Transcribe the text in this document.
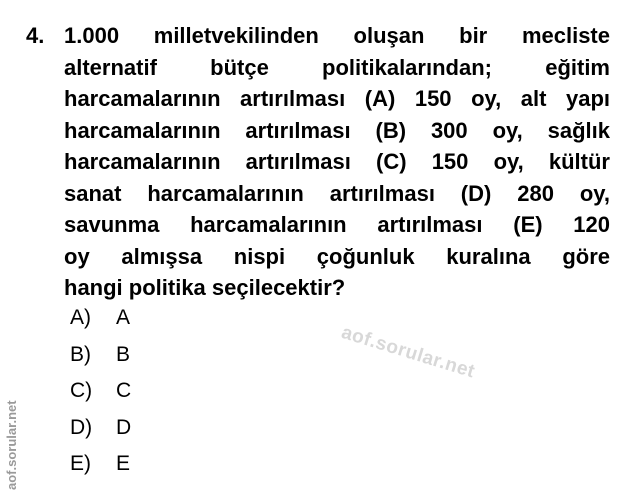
4. 1.000 milletvekilinden oluşan bir mecliste
alternatif bütçe politikalarından; eğitim
harcamalarının artırılması (A) 150 oy, alt yapı
harcamalarının artırılması (B) 300 oy, sağlık
harcamalarının artırılması (C) 150 oy, kültür
sanat harcamalarının artırılması (D) 280 oy,
savunma harcamalarının artırılması (E) 120
oy almışsa nispi çoğunluk kuralına göre
hangi politika seçilecektir?
A)	A
B)	B
C)	C
D)	D
E)	E
aof.sorular.net
aof.sorular.net
